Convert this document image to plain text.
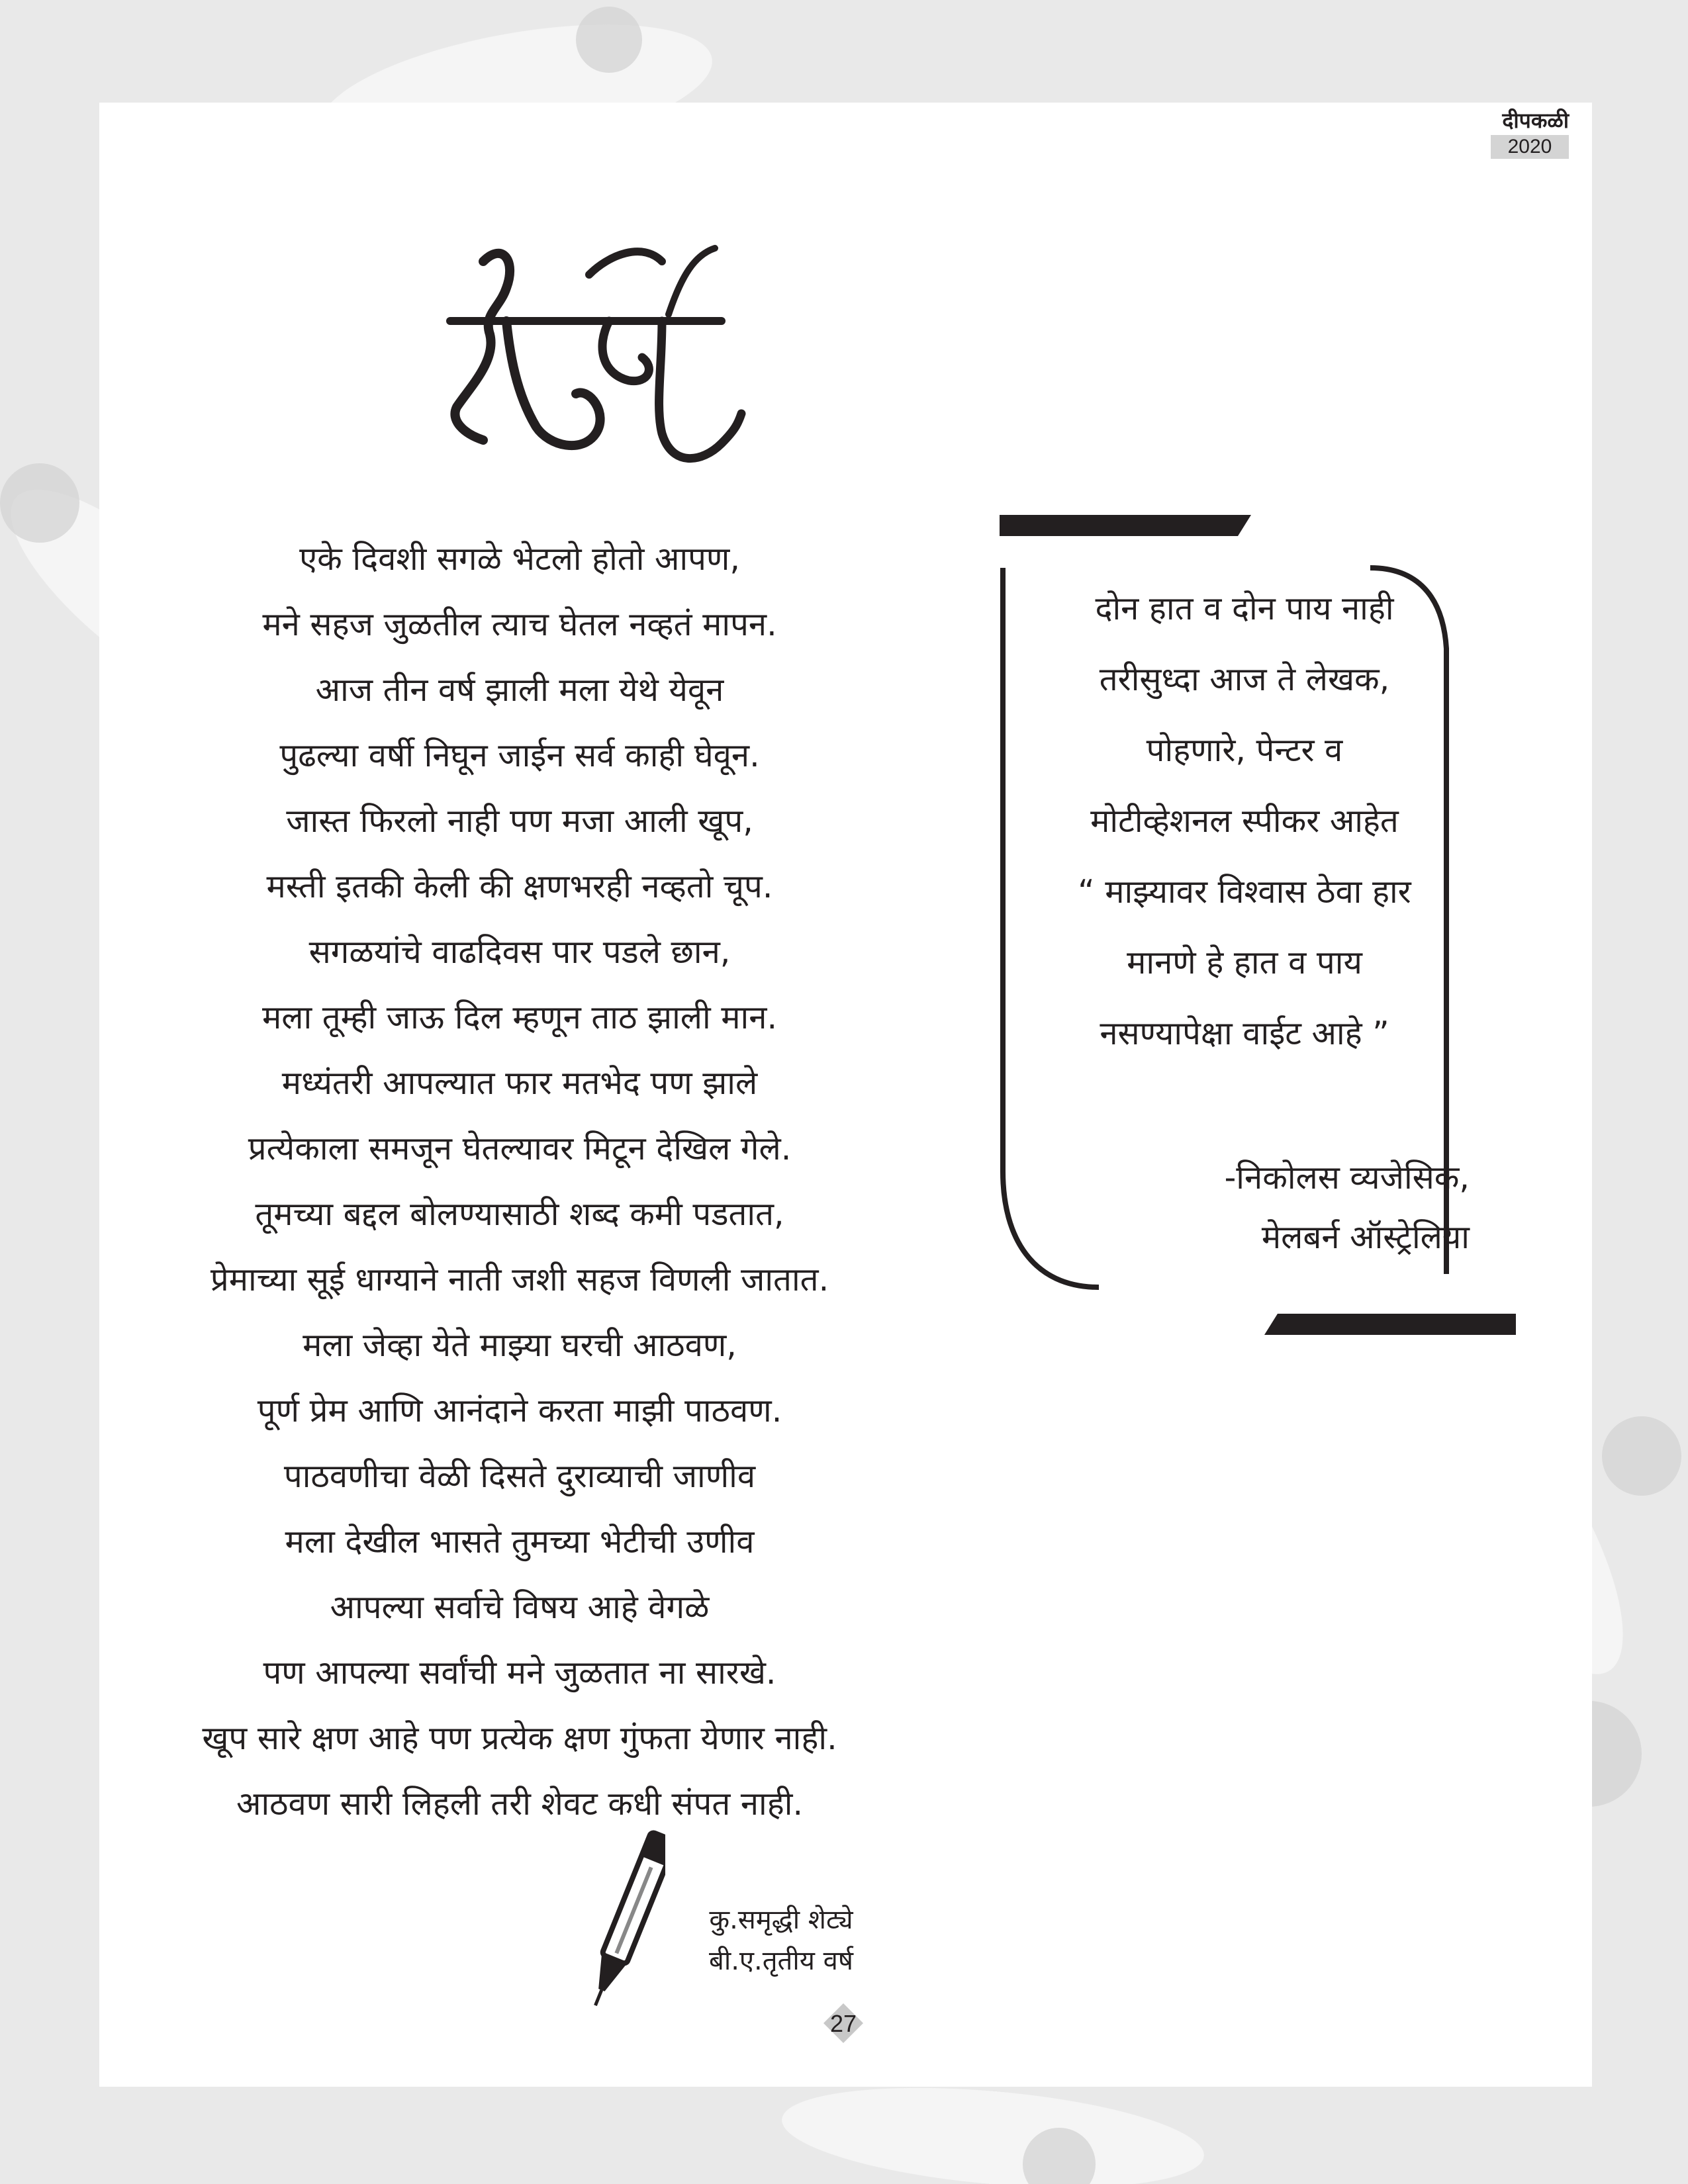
दीपकळी
2020
एके दिवशी सगळे भेटलो होतो आपण,
मने सहज जुळतील त्याच घेतल नव्हतं मापन.
आज तीन वर्ष झाली मला येथे येवून
पुढल्या वर्षी निघून जाईन सर्व काही घेवून.
जास्त फिरलो नाही पण मजा आली खूप,
मस्ती इतकी केली की क्षणभरही नव्हतो चूप.
सगळयांचे वाढदिवस पार पडले छान,
मला तूम्ही जाऊ दिल म्हणून ताठ झाली मान.
मध्यंतरी आपल्यात फार मतभेद पण झाले
प्रत्येकाला समजून घेतल्यावर मिटून देखिल गेले.
तूमच्या बद्दल बोलण्यासाठी शब्द कमी पडतात,
प्रेमाच्या सूई धाग्याने नाती जशी सहज विणली जातात.
मला जेव्हा येते माझ्या घरची आठवण,
पूर्ण प्रेम आणि आनंदाने करता माझी पाठवण.
पाठवणीचा वेळी दिसते दुराव्याची जाणीव
मला देखील भासते तुमच्या भेटीची उणीव
आपल्या सर्वाचे विषय आहे वेगळे
पण आपल्या सर्वांची मने जुळतात ना सारखे.
खूप सारे क्षण आहे पण प्रत्येक क्षण गुंफता येणार नाही.
आठवण सारी लिहली तरी शेवट कधी संपत नाही.
दोन हात व दोन पाय नाही
तरीसुध्दा आज ते लेखक,
पोहणारे, पेन्टर व
मोटीव्हेशनल स्पीकर आहेत
“ माझ्यावर विश्वास ठेवा हार
मानणे हे हात व पाय
नसण्यापेक्षा वाईट आहे ”
-निकोलस व्यजेसिक,
मेलबर्न ऑस्ट्रेलिया
कु.समृद्धी शेट्ये
बी.ए.तृतीय वर्ष
27
